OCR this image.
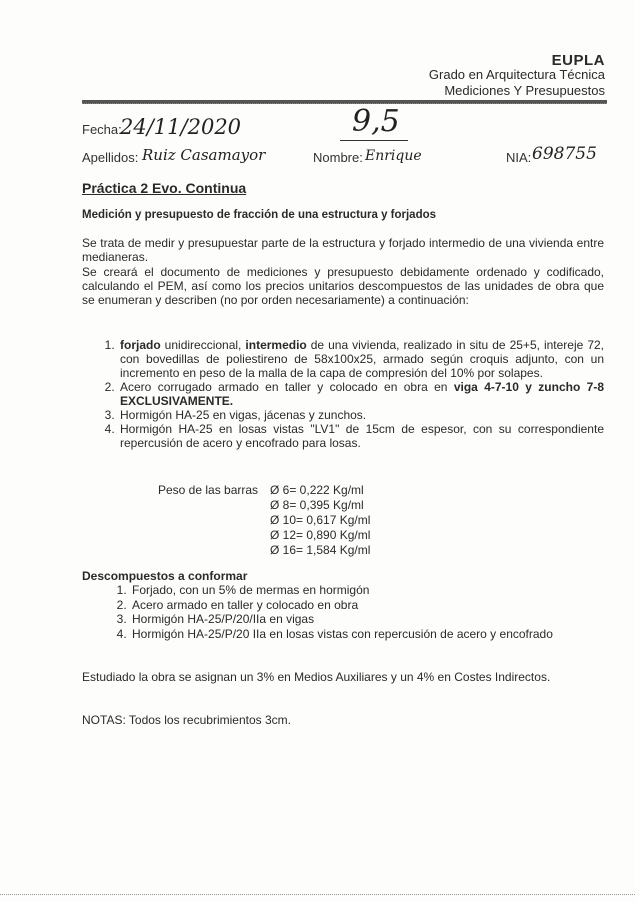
EUPLA
Grado en Arquitectura Técnica
Mediciones Y Presupuestos
Fecha:
24/11/2020	9,5
Apellidos: Ruiz Casamayor	Nombre: Enrique	NIA: 698755
Práctica 2 Evo. Continua
Medición y presupuesto de fracción de una estructura y forjados
Se trata de medir y presupuestar parte de la estructura y forjado intermedio de una vivienda entre medianeras.
Se creará el documento de mediciones y presupuesto debidamente ordenado y codificado, calculando el PEM, así como los precios unitarios descompuestos de las unidades de obra que se enumeran y describen (no por orden necesariamente) a continuación:
1. forjado unidireccional, intermedio de una vivienda, realizado in situ de 25+5, intereje 72, con bovedillas de poliestireno de 58x100x25, armado según croquis adjunto, con un incremento en peso de la malla de la capa de compresión del 10% por solapes.
2. Acero corrugado armado en taller y colocado en obra en viga 4-7-10 y zuncho 7-8 EXCLUSIVAMENTE.
3. Hormigón HA-25 en vigas, jácenas y zunchos.
4. Hormigón HA-25 en losas vistas "LV1" de 15cm de espesor, con su correspondiente repercusión de acero y encofrado para losas.
Peso de las barras Ø 6= 0,222 Kg/ml
Ø 8= 0,395 Kg/ml
Ø 10= 0,617 Kg/ml
Ø 12= 0,890 Kg/ml
Ø 16= 1,584 Kg/ml
Descompuestos a conformar
1. Forjado, con un 5% de mermas en hormigón
2. Acero armado en taller y colocado en obra
3. Hormigón HA-25/P/20/IIa en vigas
4. Hormigón HA-25/P/20 IIa en losas vistas con repercusión de acero y encofrado
Estudiado la obra se asignan un 3% en Medios Auxiliares y un 4% en Costes Indirectos.
NOTAS: Todos los recubrimientos 3cm.
